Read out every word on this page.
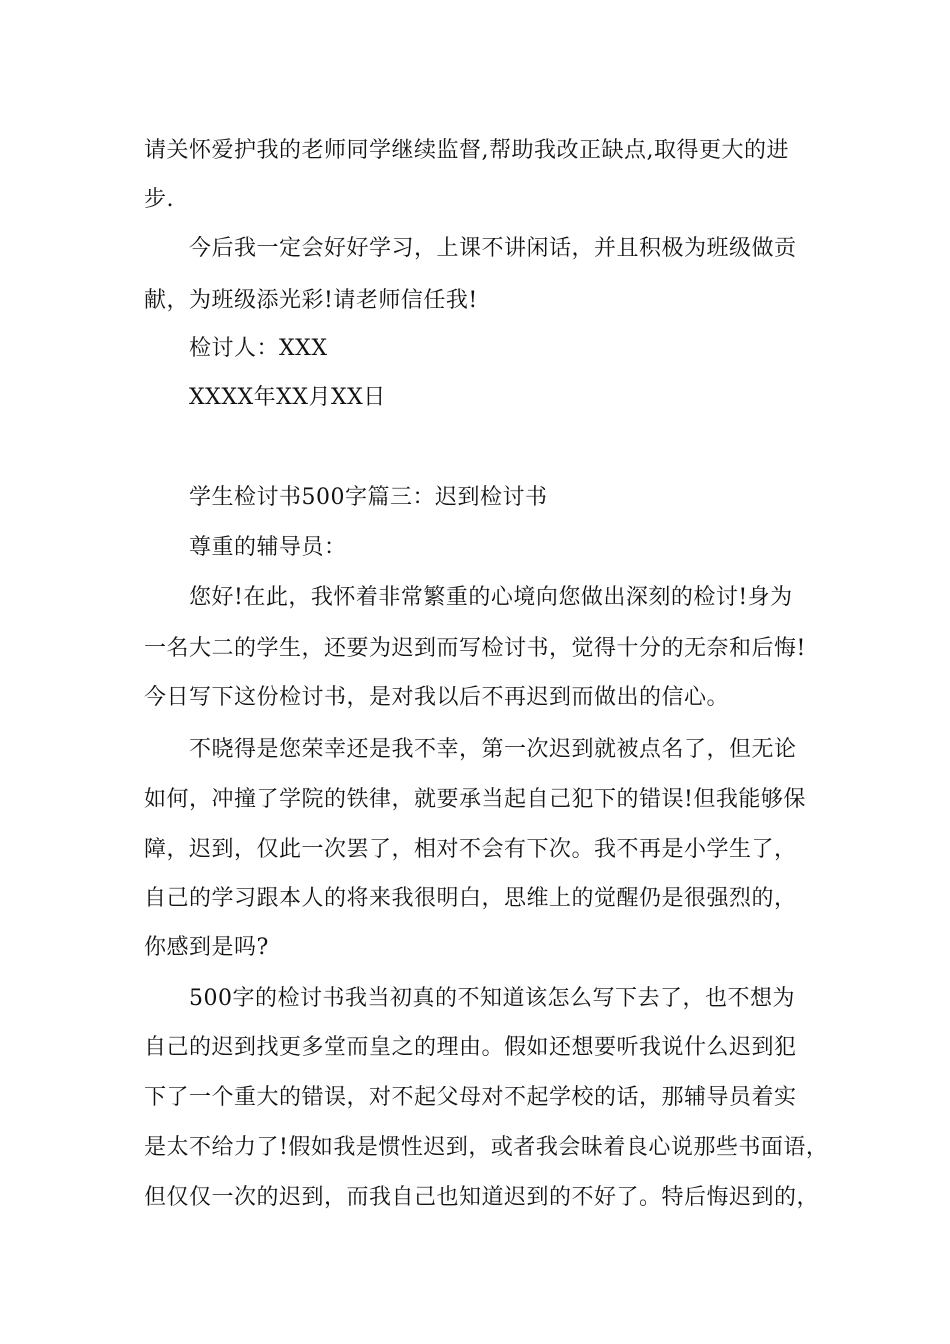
请关怀爱护我的老师同学继续监督,帮助我改正缺点,取得更大的进
步.
今后我一定会好好学习，上课不讲闲话，并且积极为班级做贡
献，为班级添光彩!请老师信任我!
检讨人：XXX
XXXX年XX月XX日
学生检讨书500字篇三：迟到检讨书
尊重的辅导员：
您好!在此，我怀着非常繁重的心境向您做出深刻的检讨!身为
一名大二的学生，还要为迟到而写检讨书，觉得十分的无奈和后悔!
今日写下这份检讨书，是对我以后不再迟到而做出的信心。
不晓得是您荣幸还是我不幸，第一次迟到就被点名了，但无论
如何，冲撞了学院的铁律，就要承当起自己犯下的错误!但我能够保
障，迟到，仅此一次罢了，相对不会有下次。我不再是小学生了，
自己的学习跟本人的将来我很明白，思维上的觉醒仍是很强烈的，
你感到是吗?
500字的检讨书我当初真的不知道该怎么写下去了，也不想为
自己的迟到找更多堂而皇之的理由。假如还想要听我说什么迟到犯
下了一个重大的错误，对不起父母对不起学校的话，那辅导员着实
是太不给力了!假如我是惯性迟到，或者我会昧着良心说那些书面语，
但仅仅一次的迟到，而我自己也知道迟到的不好了。特后悔迟到的，
